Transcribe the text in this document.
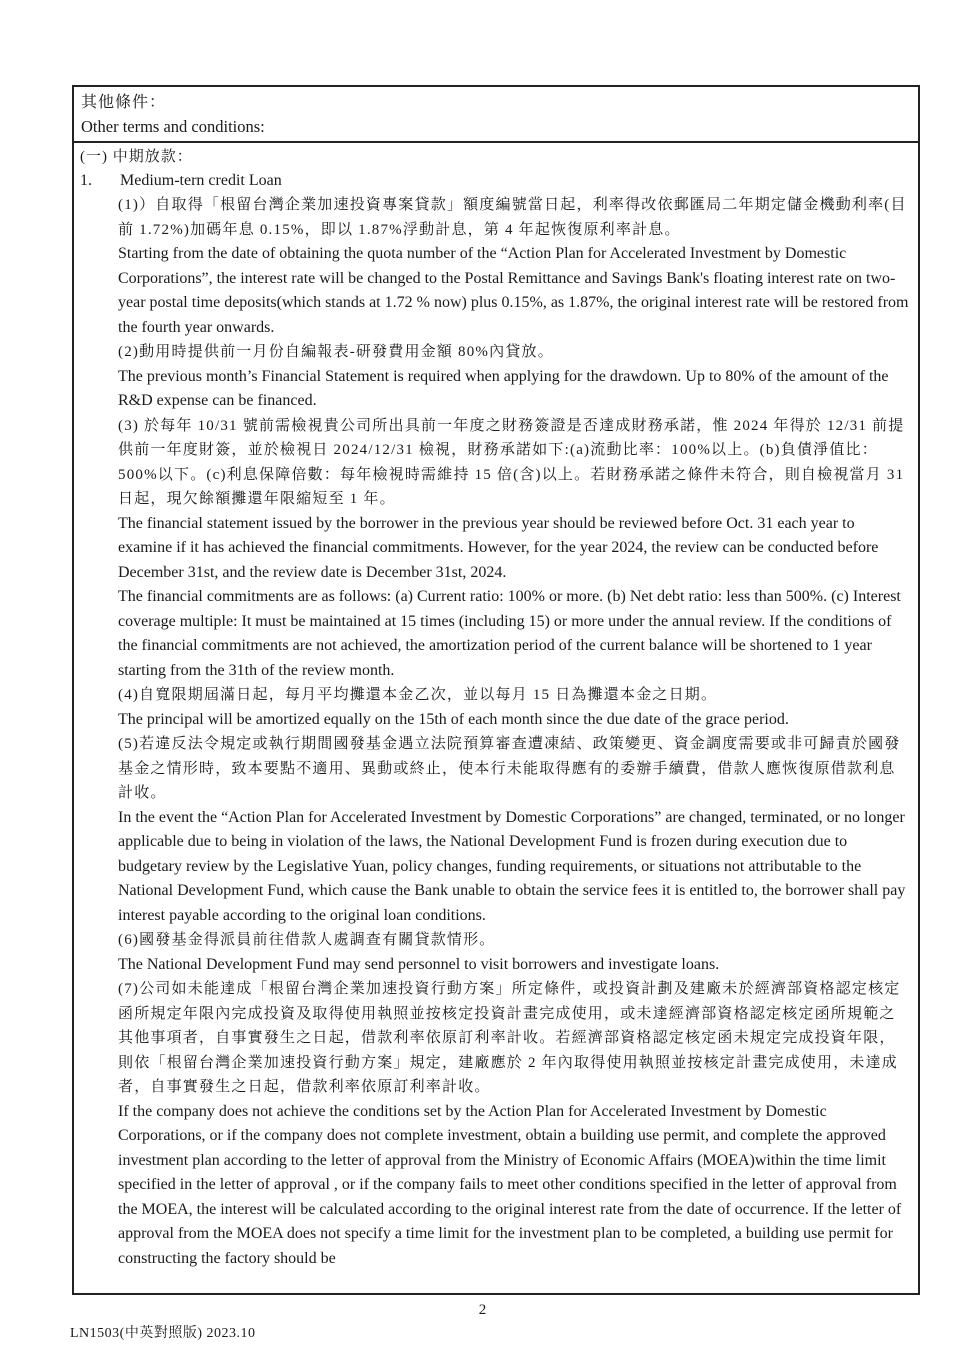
其他條件：
Other terms and conditions:
(一) 中期放款：
1.	Medium-tern credit Loan
(1)）自取得「根留台灣企業加速投資專案貸款」額度編號當日起，利率得改依郵匯局二年期定儲金機動利率(目前 1.72%)加碼年息 0.15%，即以 1.87%浮動計息，第 4 年起恢復原利率計息。
Starting from the date of obtaining the quota number of the “Action Plan for Accelerated Investment by Domestic Corporations”, the interest rate will be changed to the Postal Remittance and Savings Bank's floating interest rate on two-year postal time deposits(which stands at 1.72 % now) plus 0.15%, as 1.87%, the original interest rate will be restored from the fourth year onwards.
(2)動用時提供前一月份自編報表-研發費用金額 80%內貸放。
The previous month’s Financial Statement is required when applying for the drawdown. Up to 80% of the amount of the R&D expense can be financed.
(3) 於每年 10/31 號前需檢視貴公司所出具前一年度之財務簽證是否達成財務承諾，惟 2024 年得於 12/31 前提供前一年度財簽，並於檢視日 2024/12/31 檢視，財務承諾如下:(a)流動比率：100%以上。(b)負債淨值比：500%以下。(c)利息保障倍數：每年檢視時需維持 15 倍(含)以上。若財務承諾之條件未符合，則自檢視當月 31 日起，現欠餘額攤還年限縮短至 1 年。
The financial statement issued by the borrower in the previous year should be reviewed before Oct. 31 each year to examine if it has achieved the financial commitments. However, for the year 2024, the review can be conducted before December 31st, and the review date is December 31st, 2024.
The financial commitments are as follows: (a) Current ratio: 100% or more. (b) Net debt ratio: less than 500%. (c) Interest coverage multiple: It must be maintained at 15 times (including 15) or more under the annual review. If the conditions of the financial commitments are not achieved, the amortization period of the current balance will be shortened to 1 year starting from the 31th of the review month.
(4)自寬限期屆滿日起，每月平均攤還本金乙次，並以每月 15 日為攤還本金之日期。
The principal will be amortized equally on the 15th of each month since the due date of the grace period.
(5)若違反法令規定或執行期間國發基金遇立法院預算審查遭凍結、政策變更、資金調度需要或非可歸責於國發基金之情形時，致本要點不適用、異動或終止，使本行未能取得應有的委辦手續費，借款人應恢復原借款利息計收。
In the event the “Action Plan for Accelerated Investment by Domestic Corporations” are changed, terminated, or no longer applicable due to being in violation of the laws, the National Development Fund is frozen during execution due to budgetary review by the Legislative Yuan, policy changes, funding requirements, or situations not attributable to the National Development Fund, which cause the Bank unable to obtain the service fees it is entitled to, the borrower shall pay interest payable according to the original loan conditions.
(6)國發基金得派員前往借款人處調查有關貸款情形。
The National Development Fund may send personnel to visit borrowers and investigate loans.
(7)公司如未能達成「根留台灣企業加速投資行動方案」所定條件，或投資計劃及建廠未於經濟部資格認定核定函所規定年限內完成投資及取得使用執照並按核定投資計畫完成使用，或未達經濟部資格認定核定函所規範之其他事項者，自事實發生之日起，借款利率依原訂利率計收。若經濟部資格認定核定函未規定完成投資年限，則依「根留台灣企業加速投資行動方案」規定，建廠應於 2 年內取得使用執照並按核定計畫完成使用，未達成者，自事實發生之日起，借款利率依原訂利率計收。
If the company does not achieve the conditions set by the Action Plan for Accelerated Investment by Domestic Corporations, or if the company does not complete investment, obtain a building use permit, and complete the approved investment plan according to the letter of approval from the Ministry of Economic Affairs (MOEA)within the time limit specified in the letter of approval , or if the company fails to meet other conditions specified in the letter of approval from the MOEA, the interest will be calculated according to the original interest rate from the date of occurrence. If the letter of approval from the MOEA does not specify a time limit for the investment plan to be completed, a building use permit for constructing the factory should be
2
LN1503(中英對照版) 2023.10
